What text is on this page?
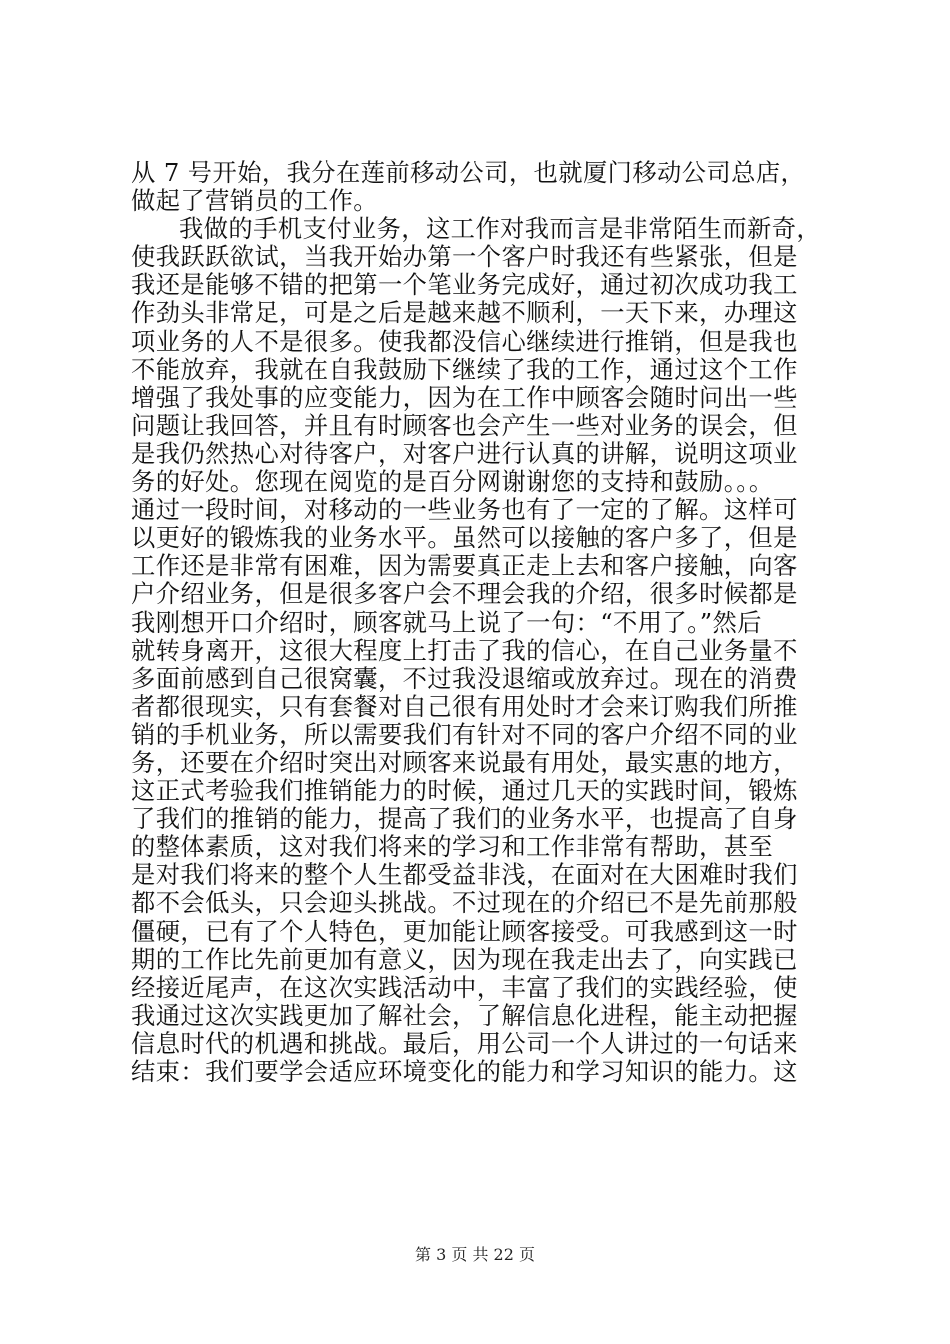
从 7 号开始，我分在莲前移动公司，也就厦门移动公司总店，
做起了营销员的工作。
我做的手机支付业务，这工作对我而言是非常陌生而新奇，
使我跃跃欲试，当我开始办第一个客户时我还有些紧张，但是
我还是能够不错的把第一个笔业务完成好，通过初次成功我工
作劲头非常足，可是之后是越来越不顺利，一天下来，办理这
项业务的人不是很多。使我都没信心继续进行推销，但是我也
不能放弃，我就在自我鼓励下继续了我的工作，通过这个工作
增强了我处事的应变能力，因为在工作中顾客会随时问出一些
问题让我回答，并且有时顾客也会产生一些对业务的误会，但
是我仍然热心对待客户，对客户进行认真的讲解，说明这项业
务的好处。您现在阅览的是百分网谢谢您的支持和鼓励。。。
通过一段时间，对移动的一些业务也有了一定的了解。这样可
以更好的锻炼我的业务水平。虽然可以接触的客户多了，但是
工作还是非常有困难，因为需要真正走上去和客户接触，向客
户介绍业务，但是很多客户会不理会我的介绍，很多时候都是
我刚想开口介绍时，顾客就马上说了一句：“不用了。”然后
就转身离开，这很大程度上打击了我的信心，在自己业务量不
多面前感到自己很窝囊，不过我没退缩或放弃过。现在的消费
者都很现实，只有套餐对自己很有用处时才会来订购我们所推
销的手机业务，所以需要我们有针对不同的客户介绍不同的业
务，还要在介绍时突出对顾客来说最有用处，最实惠的地方，
这正式考验我们推销能力的时候，通过几天的实践时间，锻炼
了我们的推销的能力，提高了我们的业务水平，也提高了自身
的整体素质，这对我们将来的学习和工作非常有帮助，甚至
是对我们将来的整个人生都受益非浅，在面对在大困难时我们
都不会低头，只会迎头挑战。不过现在的介绍已不是先前那般
僵硬，已有了个人特色，更加能让顾客接受。可我感到这一时
期的工作比先前更加有意义，因为现在我走出去了，向实践已
经接近尾声，在这次实践活动中，丰富了我们的实践经验，使
我通过这次实践更加了解社会，了解信息化进程，能主动把握
信息时代的机遇和挑战。最后，用公司一个人讲过的一句话来
结束：我们要学会适应环境变化的能力和学习知识的能力。这
第 3 页 共 22 页
